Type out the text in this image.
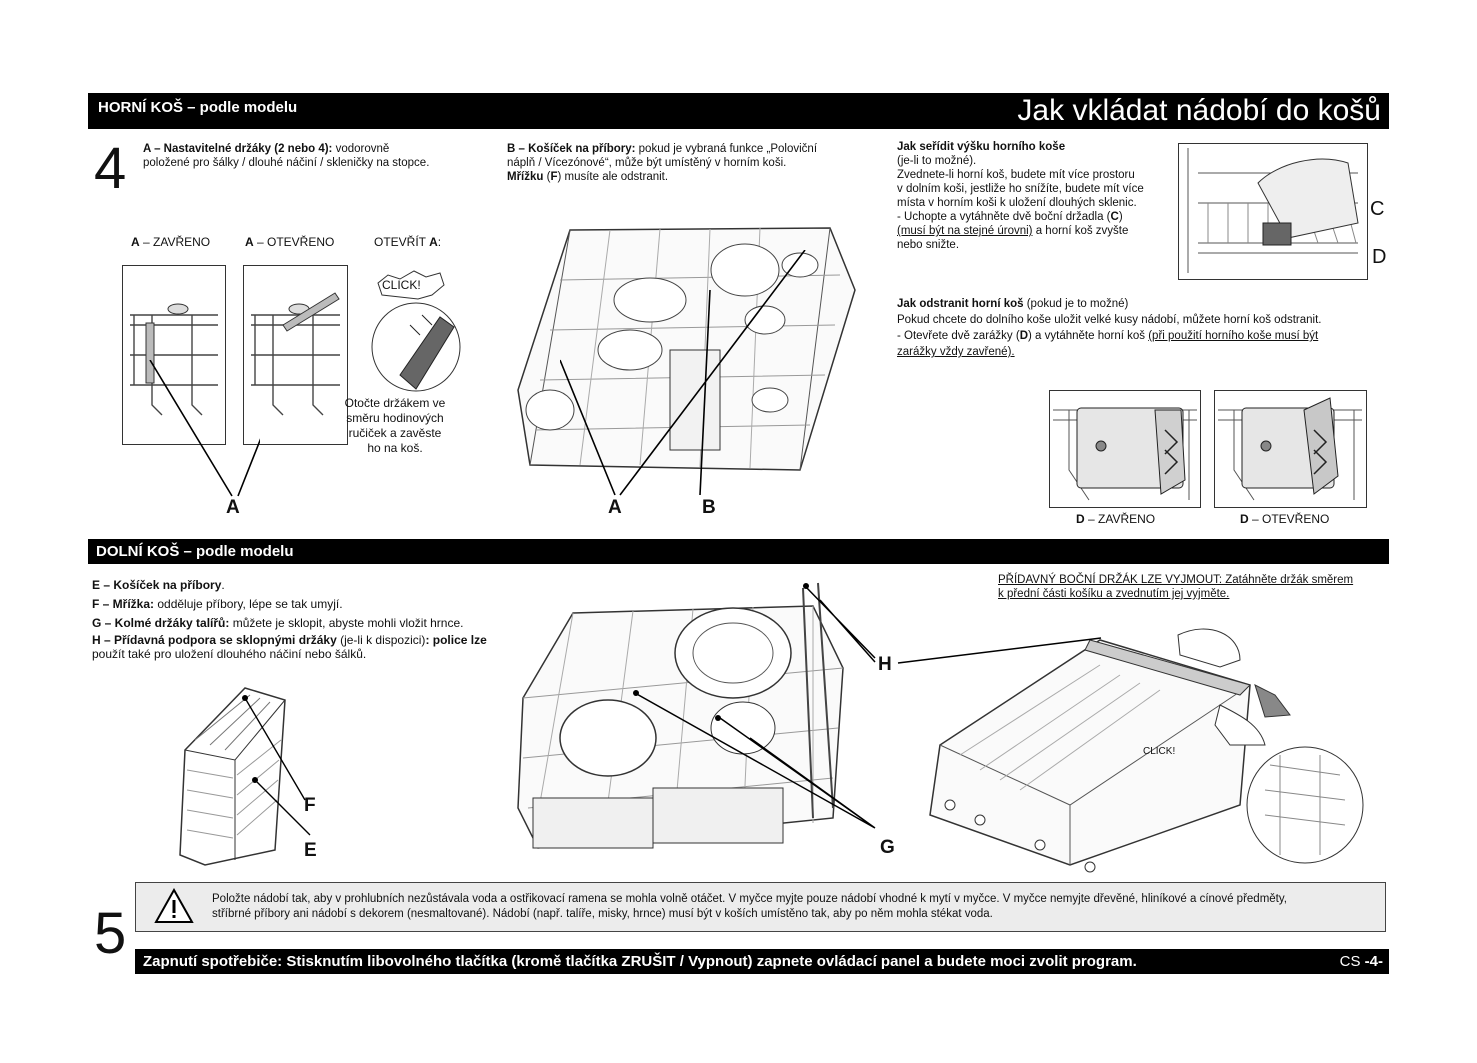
HORNÍ KOŠ – podle modelu	Jak vkládat nádobí do košů
4 A – Nastavitelné držáky (2 nebo 4): vodorovně
položené pro šálky / dlouhé náčiní / skleničky na stopce.
A – ZAVŘENO	A – OTEVŘENO	OTEVŘÍT A:
CLICK!
Otočte držákem ve
směru hodinových
ručiček a zavěste
ho na koš.
A
B – Košíček na příbory: pokud je vybraná funkce „Poloviční
náplň / Vícezónové“, může být umístěný v horním koši.
Mřížku (F) musíte ale odstranit.
A	B
Jak seřídit výšku horního koše
(je-li to možné).
Zvednete-li horní koš, budete mít více prostoru
v dolním koši, jestliže ho snížíte, budete mít více
místa v horním koši k uložení dlouhých sklenic.
- Uchopte a vytáhněte dvě boční držadla (C)
(musí být na stejné úrovni) a horní koš zvyšte
nebo snižte.
C
D
Jak odstranit horní koš (pokud je to možné)
Pokud chcete do dolního koše uložit velké kusy nádobí, můžete horní koš odstranit.
- Otevřete dvě zarážky (D) a vytáhněte horní koš (při použití horního koše musí být
zarážky vždy zavřené).
D – ZAVŘENO	D – OTEVŘENO
DOLNÍ KOŠ – podle modelu
E – Košíček na příbory.
F – Mřížka: odděluje příbory, lépe se tak umyjí.
G – Kolmé držáky talířů: můžete je sklopit, abyste mohli vložit hrnce.
H – Přídavná podpora se sklopnými držáky (je-li k dispozici): police lze
použít také pro uložení dlouhého náčiní nebo šálků.
F
E
H
G
PŘÍDAVNÝ BOČNÍ DRŽÁK LZE VYJMOUT: Zatáhněte držák směrem
k přední části košíku a zvednutím jej vyjměte.
CLICK!
5
Položte nádobí tak, aby v prohlubních nezůstávala voda a ostřikovací ramena se mohla volně otáčet. V myčce myjte pouze nádobí vhodné k mytí v myčce. V myčce nemyjte dřevěné, hliníkové a cínové předměty,
stříbrné příbory ani nádobí s dekorem (nesmaltované). Nádobí (např. talíře, misky, hrnce) musí být v koších umístěno tak, aby po něm mohla stékat voda.
Zapnutí spotřebiče: Stisknutím libovolného tlačítka (kromě tlačítka ZRUŠIT / Vypnout) zapnete ovládací panel a budete moci zvolit program.	CS -4-
